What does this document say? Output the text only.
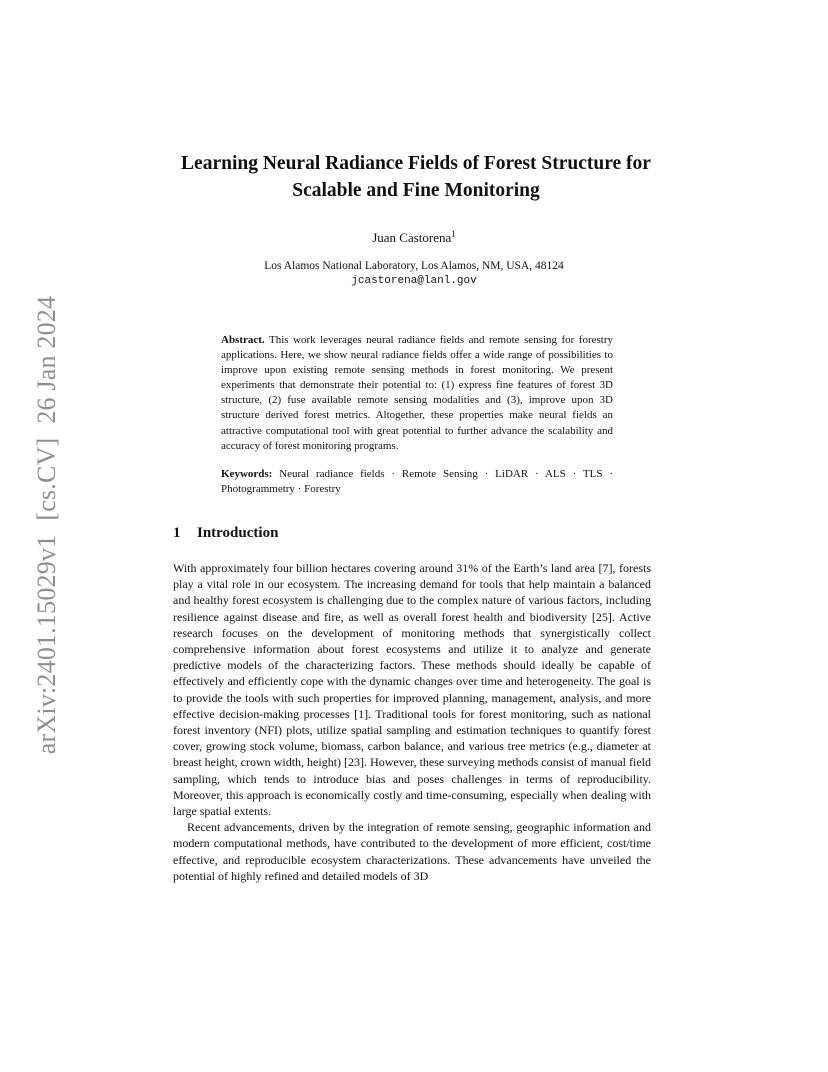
arXiv:2401.15029v1[cs.CV]26 Jan 2024
Learning Neural Radiance Fields of Forest Structure for Scalable and Fine Monitoring
Juan Castorena$^1$
Los Alamos National Laboratory, Los Alamos, NM, USA, 48124
jcastorena@lanl.gov
Abstract. This work leverages neural radiance fields and remote sensing for forestry applications. Here, we show neural radiance fields offer a wide range of possibilities to improve upon existing remote sensing methods in forest monitoring. We present experiments that demonstrate their potential to: (1) express fine features of forest 3D structure, (2) fuse available remote sensing modalities and (3), improve upon 3D structure derived forest metrics. Altogether, these properties make neural fields an attractive computational tool with great potential to further advance the scalability and accuracy of forest monitoring programs.
Keywords: Neural radiance fields · Remote Sensing · LiDAR · ALS · TLS · Photogrammetry · Forestry
1 Introduction

With approximately four billion hectares covering around 31% of the Earth’s land area [7], forests play a vital role in our ecosystem. The increasing demand for tools that help maintain a balanced and healthy forest ecosystem is challenging due to the complex nature of various factors, including resilience against disease and fire, as well as overall forest health and biodiversity [25]. Active research focuses on the development of monitoring methods that synergistically collect comprehensive information about forest ecosystems and utilize it to analyze and generate predictive models of the characterizing factors. These methods should ideally be capable of effectively and efficiently cope with the dynamic changes over time and heterogeneity. The goal is to provide the tools with such properties for improved planning, management, analysis, and more effective decision-making processes [1]. Traditional tools for forest monitoring, such as national forest inventory (NFI) plots, utilize spatial sampling and estimation techniques to quantify forest cover, growing stock volume, biomass, carbon balance, and various tree metrics (e.g., diameter at breast height, crown width, height) [23]. However, these surveying methods consist of manual field sampling, which tends to introduce bias and poses challenges in terms of reproducibility. Moreover, this approach is economically costly and time-consuming, especially when dealing with large spatial extents.

Recent advancements, driven by the integration of remote sensing, geographic information and modern computational methods, have contributed to the development of more efficient, cost/time effective, and reproducible ecosystem characterizations. These advancements have unveiled the potential of highly refined and detailed models of 3D
